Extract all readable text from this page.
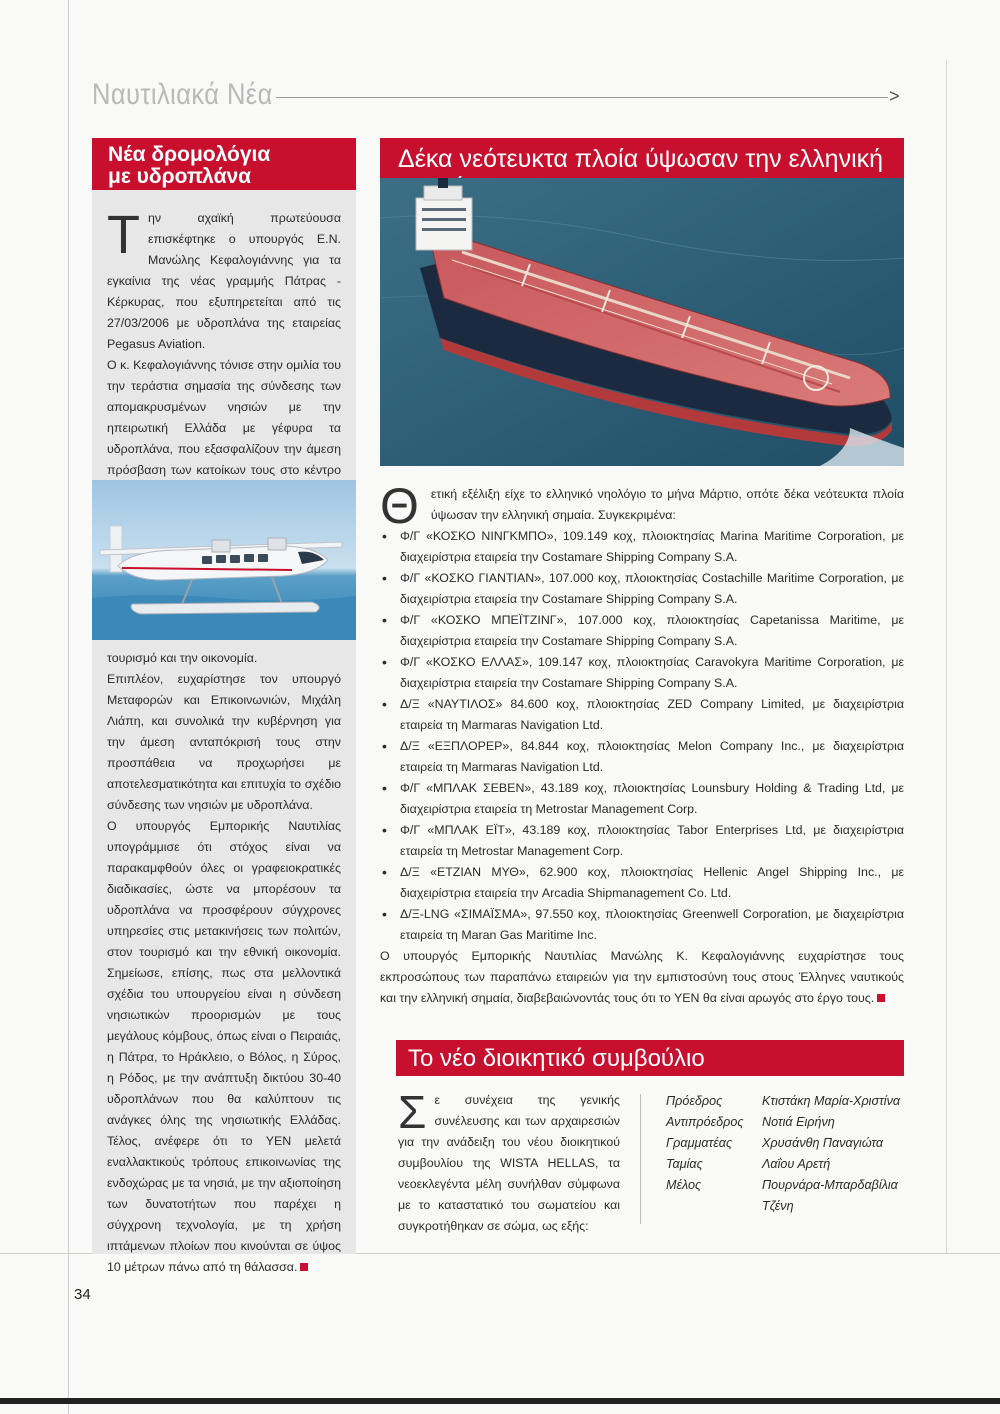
Ναυτιλιακά Νέα	>
Νέα δρομολόγια
με υδροπλάνα

Την αχαϊκή πρωτεύουσα επισκέφτηκε ο υπουργός Ε.Ν. Μανώλης Κεφαλογιάννης για τα εγκαίνια της νέας γραμμής Πάτρας - Κέρκυρας, που εξυπηρετείται από τις 27/03/2006 με υδροπλάνα της εταιρείας Pegasus Aviation.

Ο κ. Κεφαλογιάννης τόνισε στην ομιλία του την τεράστια σημασία της σύνδεσης των απομακρυσμένων νησιών με την ηπειρωτική Ελλάδα με γέφυρα τα υδροπλάνα, που εξασφαλίζουν την άμεση πρόσβαση των κατοίκων τους στο κέντρο

τουρισμό και την οικονομία.

Επιπλέον, ευχαρίστησε τον υπουργό Μεταφορών και Επικοινωνιών, Μιχάλη Λιάπη, και συνολικά την κυβέρνηση για την άμεση ανταπόκρισή τους στην προσπάθεια να προχωρήσει με αποτελεσματικότητα και επιτυχία το σχέδιο σύνδεσης των νησιών με υδροπλάνα.

Ο υπουργός Εμπορικής Ναυτιλίας υπογράμμισε ότι στόχος είναι να παρακαμφθούν όλες οι γραφειοκρατικές διαδικασίες, ώστε να μπορέσουν τα υδροπλάνα να προσφέρουν σύγχρονες υπηρεσίες στις μετακινήσεις των πολιτών, στον τουρισμό και την εθνική οικονομία. Σημείωσε, επίσης, πως στα μελλοντικά σχέδια του υπουργείου είναι η σύνδεση νησιωτικών προορισμών με τους μεγάλους κόμβους, όπως είναι ο Πειραιάς, η Πάτρα, το Ηράκλειο, ο Βόλος, η Σύρος, η Ρόδος, με την ανάπτυξη δικτύου 30-40 υδροπλάνων που θα καλύπτουν τις ανάγκες όλης της νησιωτικής Ελλάδας. Τέλος, ανέφερε ότι το ΥΕΝ μελετά εναλλακτικούς τρόπους επικοινωνίας της ενδοχώρας με τα νησιά, με την αξιοποίηση των δυνατοτήτων που παρέχει η σύγχρονη τεχνολογία, με τη χρήση ιπτάμενων πλοίων που κινούνται σε ύψος 10 μέτρων πάνω από τη θάλασσα.

Δέκα νεότευκτα πλοία ύψωσαν την ελληνική

Θετική εξέλιξη είχε το ελληνικό νηολόγιο το μήνα Μάρτιο, οπότε δέκα νεότευκτα πλοία ύψωσαν την ελληνική σημαία. Συγκεκριμένα:

• Φ/Γ «ΚΟΣΚΟ ΝΙΝΓΚΜΠΟ», 109.149 κοχ, πλοιοκτησίας Marina Maritime Corporation, με διαχειρίστρια εταιρεία την Costamare Shipping Company S.A.
• Φ/Γ «ΚΟΣΚΟ ΓΙΑΝΤΙΑΝ», 107.000 κοχ, πλοιοκτησίας Costachille Maritime Corporation, με διαχειρίστρια εταιρεία την Costamare Shipping Company S.A.
• Φ/Γ «ΚΟΣΚΟ ΜΠΕΪΤΖΙΝΓ», 107.000 κοχ, πλοιοκτησίας Capetanissa Maritime, με διαχειρίστρια εταιρεία την Costamare Shipping Company S.A.
• Φ/Γ «ΚΟΣΚΟ ΕΛΛΑΣ», 109.147 κοχ, πλοιοκτησίας Caravokyra Maritime Corporation, με διαχειρίστρια εταιρεία την Costamare Shipping Company S.A.
• Δ/Ξ «ΝΑΥΤΙΛΟΣ» 84.600 κοχ, πλοιοκτησίας ZED Company Limited, με διαχειρίστρια εταιρεία τη Marmaras Navigation Ltd.
• Δ/Ξ «ΕΞΠΛΟΡΕΡ», 84.844 κοχ, πλοιοκτησίας Melon Company Inc., με διαχειρίστρια εταιρεία τη Marmaras Navigation Ltd.
• Φ/Γ «ΜΠΛΑΚ ΣΕΒΕΝ», 43.189 κοχ, πλοιοκτησίας Lounsbury Holding & Trading Ltd, με διαχειρίστρια εταιρεία τη Metrostar Management Corp.
• Φ/Γ «ΜΠΛΑΚ ΕΪΤ», 43.189 κοχ, πλοιοκτησίας Tabor Enterprises Ltd, με διαχειρίστρια εταιρεία τη Metrostar Management Corp.
• Δ/Ξ «ΕΤΖΙΑΝ ΜΥΘ», 62.900 κοχ, πλοιοκτησίας Hellenic Angel Shipping Inc., με διαχειρίστρια εταιρεία την Arcadia Shipmanagement Co. Ltd.
• Δ/Ξ-LNG «ΣΙΜΑΪΣΜΑ», 97.550 κοχ, πλοιοκτησίας Greenwell Corporation, με διαχειρίστρια εταιρεία τη Maran Gas Maritime Inc.

Ο υπουργός Εμπορικής Ναυτιλίας Μανώλης Κ. Κεφαλογιάννης ευχαρίστησε τους εκπροσώπους των παραπάνω εταιρειών για την εμπιστοσύνη τους στους Έλληνες ναυτικούς και την ελληνική σημαία, διαβεβαιώνοντάς τους ότι το ΥΕΝ θα είναι αρωγός στο έργο τους.

Το νέο διοικητικό συμβούλιο

Σε συνέχεια της γενικής συνέλευσης και των αρχαιρεσιών για την ανάδειξη του νέου διοικητικού συμβουλίου της WISTA HELLAS, τα νεοεκλεγέντα μέλη συνήλθαν σύμφωνα με το καταστατικό του σωματείου και συγκροτήθηκαν σε σώμα, ως εξής:

Πρόεδρος
Αντιπρόεδρος
Γραμματέας
Ταμίας
Μέλος
Κτιστάκη Μαρία-Χριστίνα
Νοτιά Ειρήνη
Χρυσάνθη Παναγιώτα
Λαΐου Αρετή
Πουρνάρα-Μπαρδαβίλια
Τζένη
34
